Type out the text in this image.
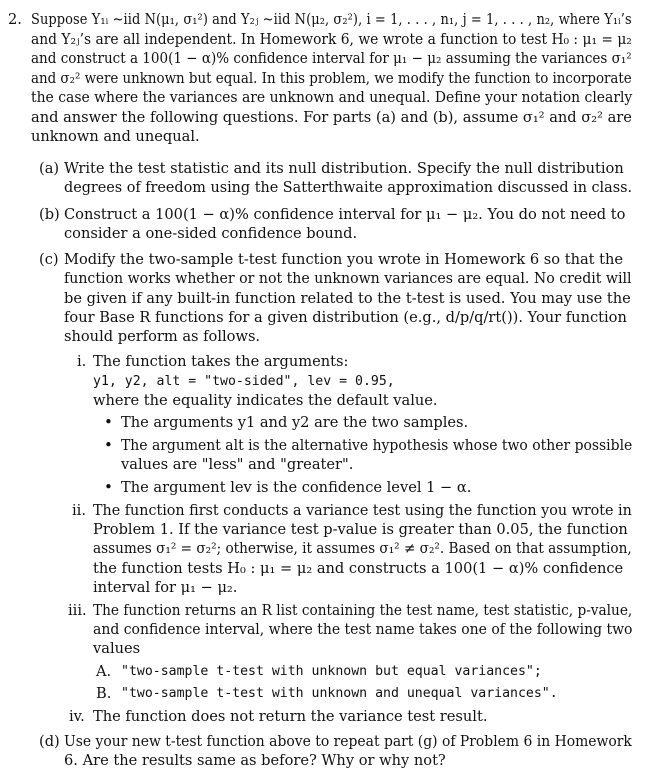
2. Suppose Y₁ᵢ ~iid N(μ₁, σ₁²) and Y₂ⱼ ~iid N(μ₂, σ₂²), i = 1, . . . , n₁, j = 1, . . . , n₂, where Y₁ᵢ’s
and Y₂ⱼ’s are all independent. In Homework 6, we wrote a function to test H₀ : μ₁ = μ₂
and construct a 100(1 − α)% confidence interval for μ₁ − μ₂ assuming the variances σ₁²
and σ₂² were unknown but equal. In this problem, we modify the function to incorporate
the case where the variances are unknown and unequal. Define your notation clearly
and answer the following questions. For parts (a) and (b), assume σ₁² and σ₂² are
unknown and unequal.
(a) Write the test statistic and its null distribution. Specify the null distribution
degrees of freedom using the Satterthwaite approximation discussed in class.
(b) Construct a 100(1 − α)% confidence interval for μ₁ − μ₂. You do not need to
consider a one-sided confidence bound.
(c) Modify the two-sample t-test function you wrote in Homework 6 so that the
function works whether or not the unknown variances are equal. No credit will
be given if any built-in function related to the t-test is used. You may use the
four Base R functions for a given distribution (e.g., d/p/q/rt()). Your function
should perform as follows.
i. The function takes the arguments:
y1, y2, alt = "two-sided", lev = 0.95,
where the equality indicates the default value.
• The arguments y1 and y2 are the two samples.
• The argument alt is the alternative hypothesis whose two other possible
values are "less" and "greater".
• The argument lev is the confidence level 1 − α.
ii. The function first conducts a variance test using the function you wrote in
Problem 1. If the variance test p-value is greater than 0.05, the function
assumes σ₁² = σ₂²; otherwise, it assumes σ₁² ≠ σ₂². Based on that assumption,
the function tests H₀ : μ₁ = μ₂ and constructs a 100(1 − α)% confidence
interval for μ₁ − μ₂.
iii. The function returns an R list containing the test name, test statistic, p-value,
and confidence interval, where the test name takes one of the following two
values
A. "two-sample t-test with unknown but equal variances";
B. "two-sample t-test with unknown and unequal variances".
iv. The function does not return the variance test result.
(d) Use your new t-test function above to repeat part (g) of Problem 6 in Homework
6. Are the results same as before? Why or why not?
